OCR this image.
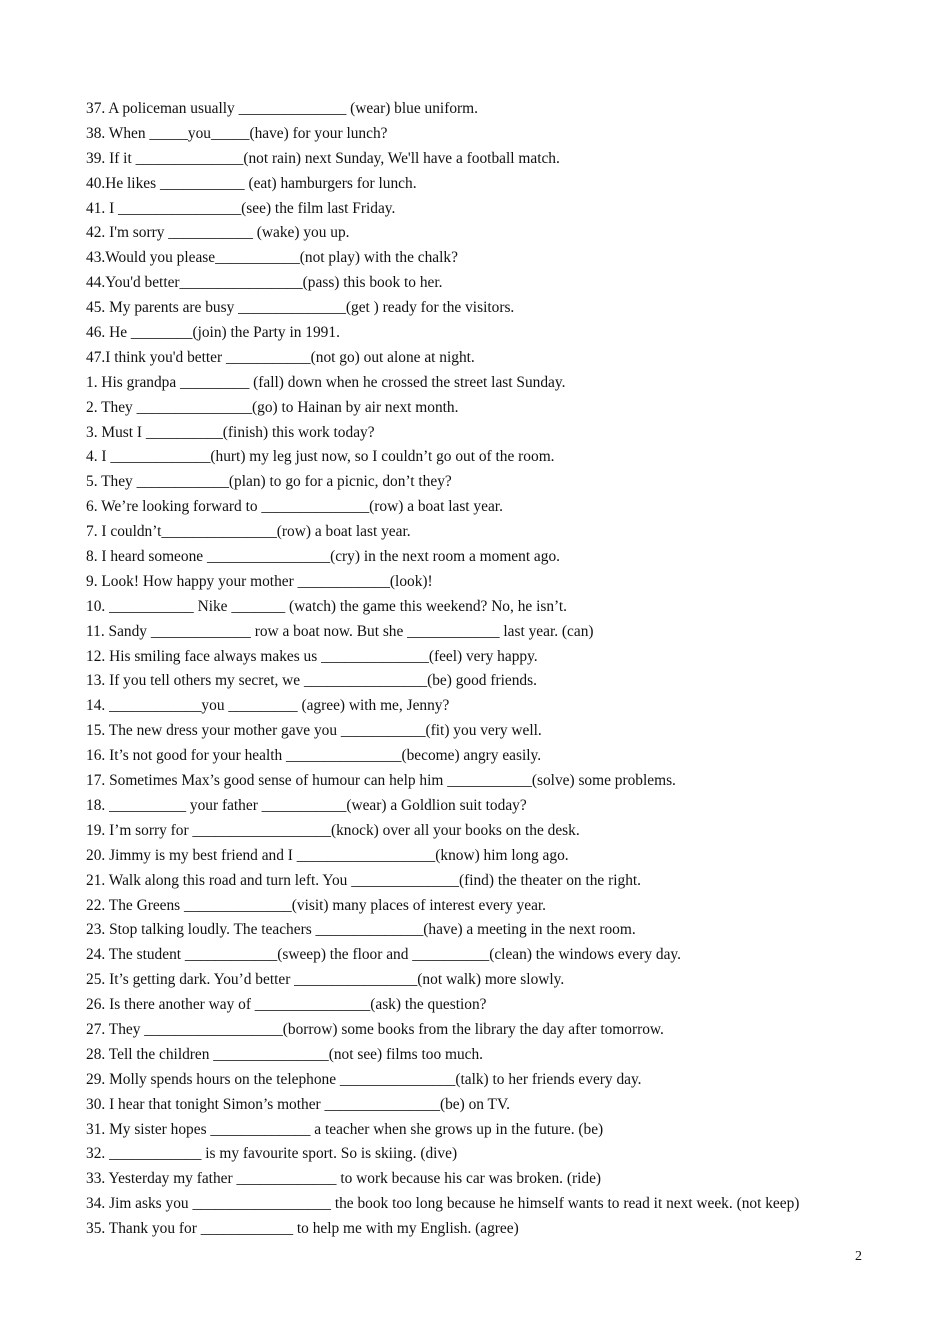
37. A policeman usually ______________ (wear) blue uniform.
38. When _____you_____(have) for your lunch?
39. If it ______________(not rain) next Sunday, We'll have a football match.
40.He likes ___________ (eat) hamburgers for lunch.
41. I ________________(see) the film last Friday.
42. I'm sorry ___________ (wake) you up.
43.Would you please___________(not play) with the chalk?
44.You'd better________________(pass) this book to her.
45. My parents are busy ______________(get ) ready for the visitors.
46. He ________(join) the Party in 1991.
47.I think you'd better ___________(not go) out alone at night.
1. His grandpa _________ (fall) down when he crossed the street last Sunday.
2. They _______________(go) to Hainan by air next month.
3. Must I __________(finish) this work today?
4. I _____________(hurt) my leg just now, so I couldn’t go out of the room.
5. They ____________(plan) to go for a picnic, don’t they?
6. We’re looking forward to ______________(row) a boat last year.
7. I couldn’t_______________(row) a boat last year.
8. I heard someone ________________(cry) in the next room a moment ago.
9. Look! How happy your mother ____________(look)!
10. ___________ Nike _______ (watch) the game this weekend? No, he isn’t.
11. Sandy _____________ row a boat now. But she ____________ last year. (can)
12. His smiling face always makes us ______________(feel) very happy.
13. If you tell others my secret, we ________________(be) good friends.
14. ____________you _________ (agree) with me, Jenny?
15. The new dress your mother gave you ___________(fit) you very well.
16. It’s not good for your health _______________(become) angry easily.
17. Sometimes Max’s good sense of humour can help him ___________(solve) some problems.
18. __________ your father ___________(wear) a Goldlion suit today?
19. I’m sorry for __________________(knock) over all your books on the desk.
20. Jimmy is my best friend and I __________________(know) him long ago.
21. Walk along this road and turn left. You ______________(find) the theater on the right.
22. The Greens ______________(visit) many places of interest every year.
23. Stop talking loudly. The teachers ______________(have) a meeting in the next room.
24. The student ____________(sweep) the floor and __________(clean) the windows every day.
25. It’s getting dark. You’d better ________________(not walk) more slowly.
26. Is there another way of _______________(ask) the question?
27. They __________________(borrow) some books from the library the day after tomorrow.
28. Tell the children _______________(not see) films too much.
29. Molly spends hours on the telephone _______________(talk) to her friends every day.
30. I hear that tonight Simon’s mother _______________(be) on TV.
31. My sister hopes _____________ a teacher when she grows up in the future. (be)
32. ____________ is my favourite sport. So is skiing. (dive)
33. Yesterday my father _____________ to work because his car was broken. (ride)
34. Jim asks you __________________ the book too long because he himself wants to read it next week. (not keep)
35. Thank you for ____________ to help me with my English. (agree)
2
